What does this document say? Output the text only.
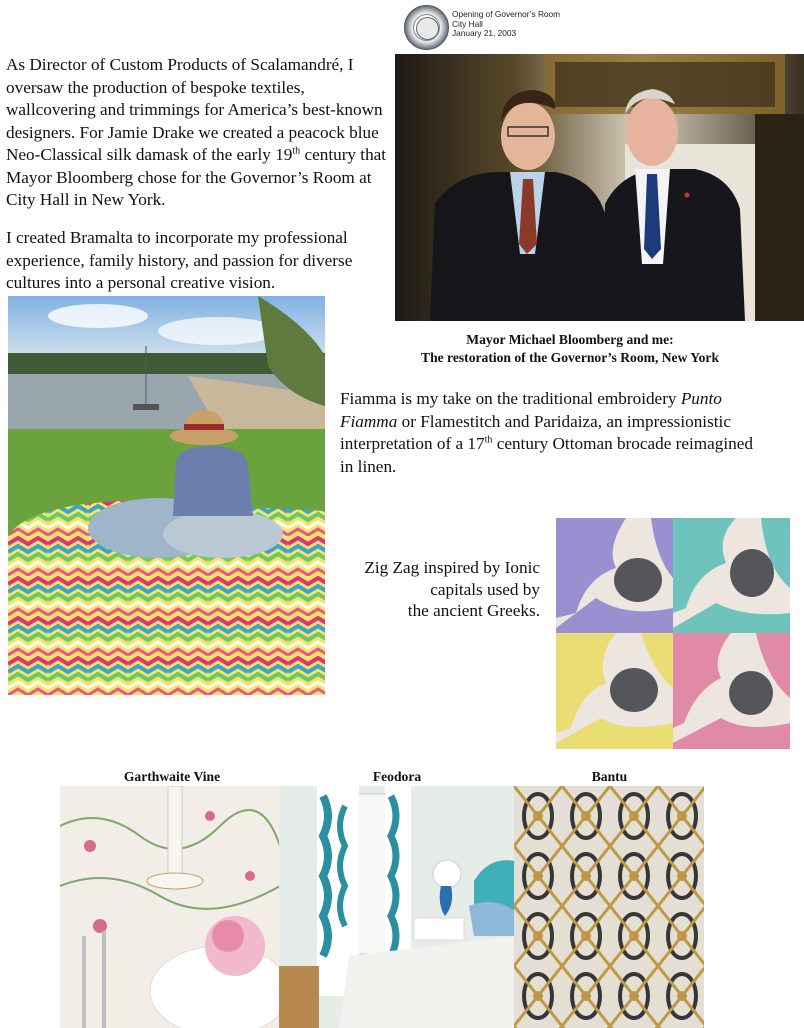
As Director of Custom Products of Scalamandré, I oversaw the production of bespoke textiles, wallcovering and trimmings for America’s best-known designers. For Jamie Drake we created a peacock blue Neo-Classical silk damask of the early 19th century that Mayor Bloomberg chose for the Governor’s Room at City Hall in New York.
I created Bramalta to incorporate my professional experience, family history, and passion for diverse cultures into a personal creative vision.
Opening of Governor’s Room
City Hall
January 21, 2003
Mayor Michael Bloomberg and me:
The restoration of the Governor’s Room, New York
Fiamma is my take on the traditional embroidery Punto Fiamma or Flamestitch and Paridaiza, an impressionistic interpretation of a 17th century Ottoman brocade reimagined in linen.
Zig Zag inspired by Ionic
capitals used by
the ancient Greeks.
Garthwaite Vine	Feodora	Bantu
